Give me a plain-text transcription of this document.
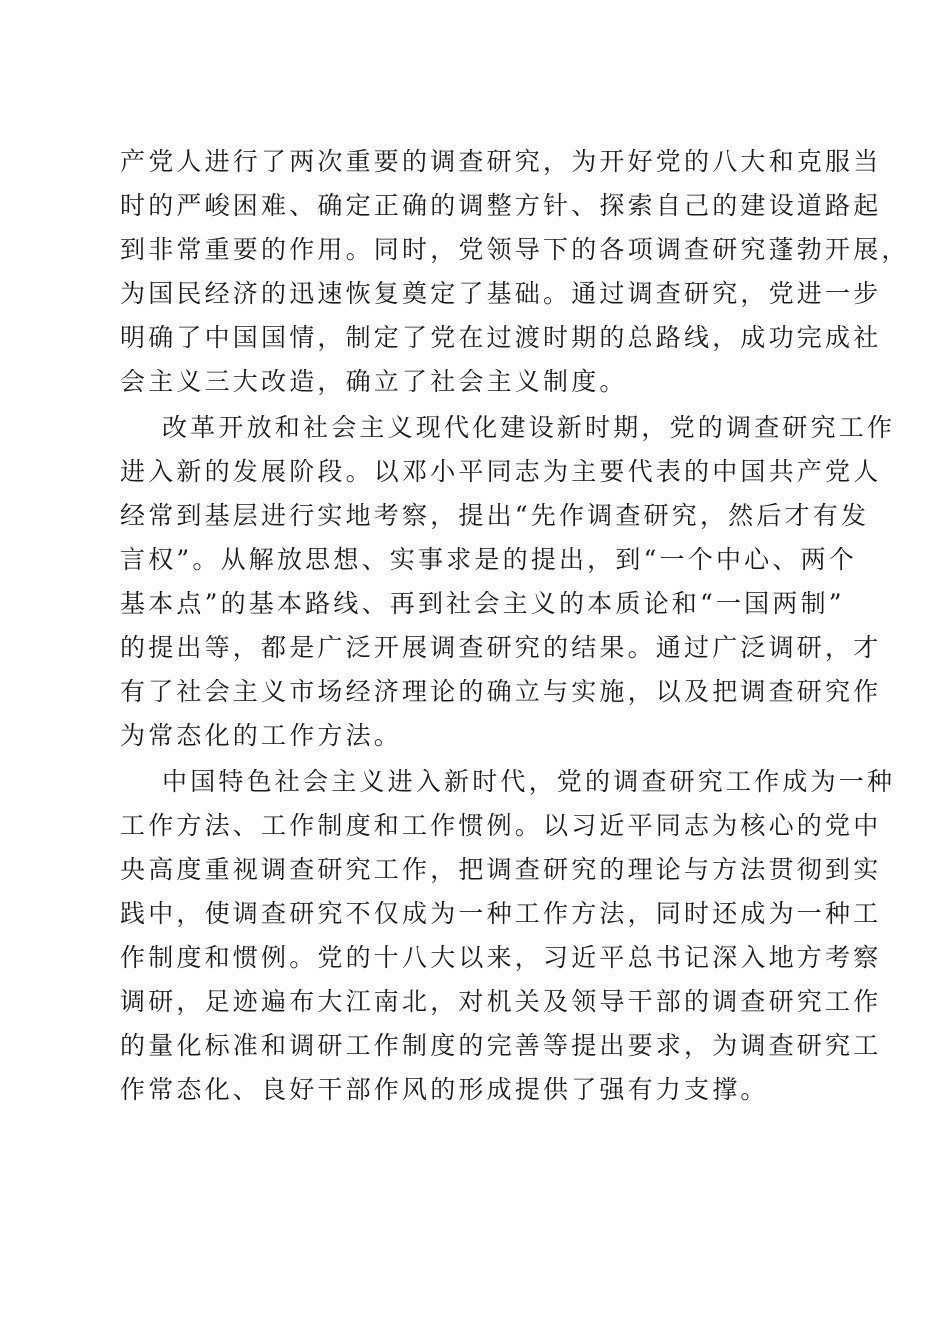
产党人进行了两次重要的调查研究，为开好党的八大和克服当
时的严峻困难、确定正确的调整方针、探索自己的建设道路起
到非常重要的作用。同时，党领导下的各项调查研究蓬勃开展，
为国民经济的迅速恢复奠定了基础。通过调查研究，党进一步
明确了中国国情，制定了党在过渡时期的总路线，成功完成社
会主义三大改造，确立了社会主义制度。
改革开放和社会主义现代化建设新时期，党的调查研究工作
进入新的发展阶段。以邓小平同志为主要代表的中国共产党人
经常到基层进行实地考察，提出“先作调查研究，然后才有发
言权”。从解放思想、实事求是的提出，到“一个中心、两个
基本点”的基本路线、再到社会主义的本质论和“一国两制”
的提出等，都是广泛开展调查研究的结果。通过广泛调研，才
有了社会主义市场经济理论的确立与实施，以及把调查研究作
为常态化的工作方法。
中国特色社会主义进入新时代，党的调查研究工作成为一种
工作方法、工作制度和工作惯例。以习近平同志为核心的党中
央高度重视调查研究工作，把调查研究的理论与方法贯彻到实
践中，使调查研究不仅成为一种工作方法，同时还成为一种工
作制度和惯例。党的十八大以来，习近平总书记深入地方考察
调研，足迹遍布大江南北，对机关及领导干部的调查研究工作
的量化标准和调研工作制度的完善等提出要求，为调查研究工
作常态化、良好干部作风的形成提供了强有力支撑。
